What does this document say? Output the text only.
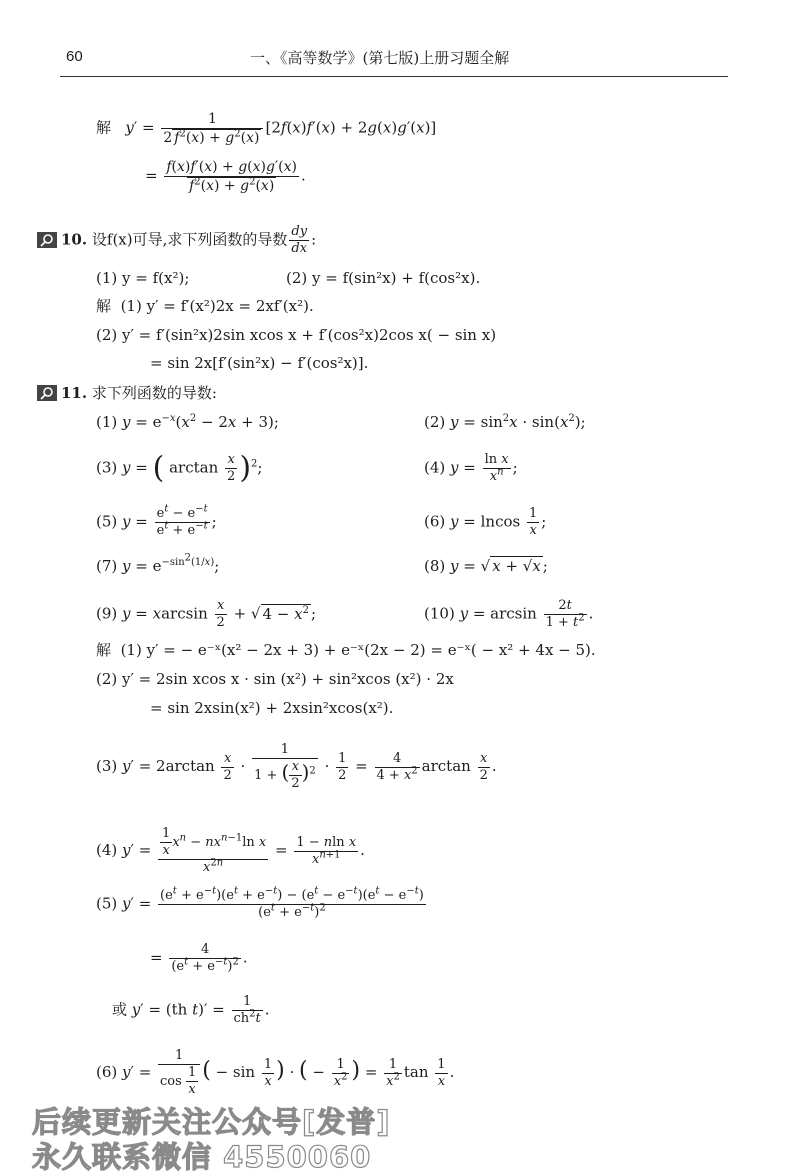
60	一、《高等数学》(第七版)上册习题全解
解 $y' = \frac{1}{2 f^2(x) + g^2(x)} [2f(x)f'(x) + 2g(x)g'(x)]$
= $\frac{f(x)f'(x) + g(x)g'(x)}{f^2(x) + g^2(x)}$ .
10. 设f(x)可导,求下列函数的导数 $\frac{dy}{dx}$ :
(1) y = f(x²);	(2) y = f(sin²x) + f(cos²x).
解 (1) y′ = f′(x²)2x = 2xf′(x²).
(2) y′ = f′(sin²x)2sin xcos x + f′(cos²x)2cos x( − sin x)
= sin 2x[f′(sin²x) − f′(cos²x)].
11. 求下列函数的导数:
(1) $y = e^{-x}(x^2 - 2x + 3)$;	(2) $y = \sin^2x \cdot \sin(x^2)$;
(3) y = ( $\arctan \frac{x}{2} )^2$;	(4) $y = \frac{\text{ln x}}{x^n}$ ;
(5) $y = \frac{e^t - e^{-t}}{e^t + e^{-t}}$ ;	(6) y = lncos $\frac{1}{x}$ ;
(7) $y = e^{-sin^2(1/x)}$;	(8) y = √ x + √x ;
(9) y = xarcsin $\frac{x}{2}$ + √ $4 - x^2$ ;	(10) $y = \arcsin \frac{2t}{1 + t^2}$ .
解 (1) y′ = − e⁻ˣ(x² − 2x + 3) + e⁻ˣ(2x − 2) = e⁻ˣ( − x² + 4x − 5).
(2) y′ = 2sin xcos x · sin (x²) + sin²xcos (x²) · 2x
= sin 2xsin(x²) + 2xsin²xcos(x²).
(3) $y' = 2\arctan \frac{x}{2} \cdot \frac{1}{1 + ( \frac{x}{2} )^2} \cdot \frac{1}{2} = \frac{4}{4 + x^2}$ $\arctan \frac{x}{2}$ .
(4) $y' = \frac{\frac{1}{x} x^n - nx^{n-1}\ln x}{x^{2n}} = \frac{\text{1 − nln x}}{x^{n+1}}$ .
(5) $y' = \frac{(e^t + e^{-t})(e^t + e^{-t}) - (e^t - e^{-t})(e^t - e^{-t})}{(e^t + e^{-t})^2}$
= $\frac{4}{(e^t + e^{-t})^2}$ .
或 y′ = (th $t)' = \frac{1}{ch^2t}$ .
(6) $y' = \frac{1}{\cos \frac{1}{x}}$ ( − $\sin \frac{1}{x}$ ) · ( − $\frac{1}{x^2}$ ) = $\frac{1}{x^2}$ $\tan \frac{1}{x}$ .
后续更新关注公众号[发普]
永久联系微信 4550060
